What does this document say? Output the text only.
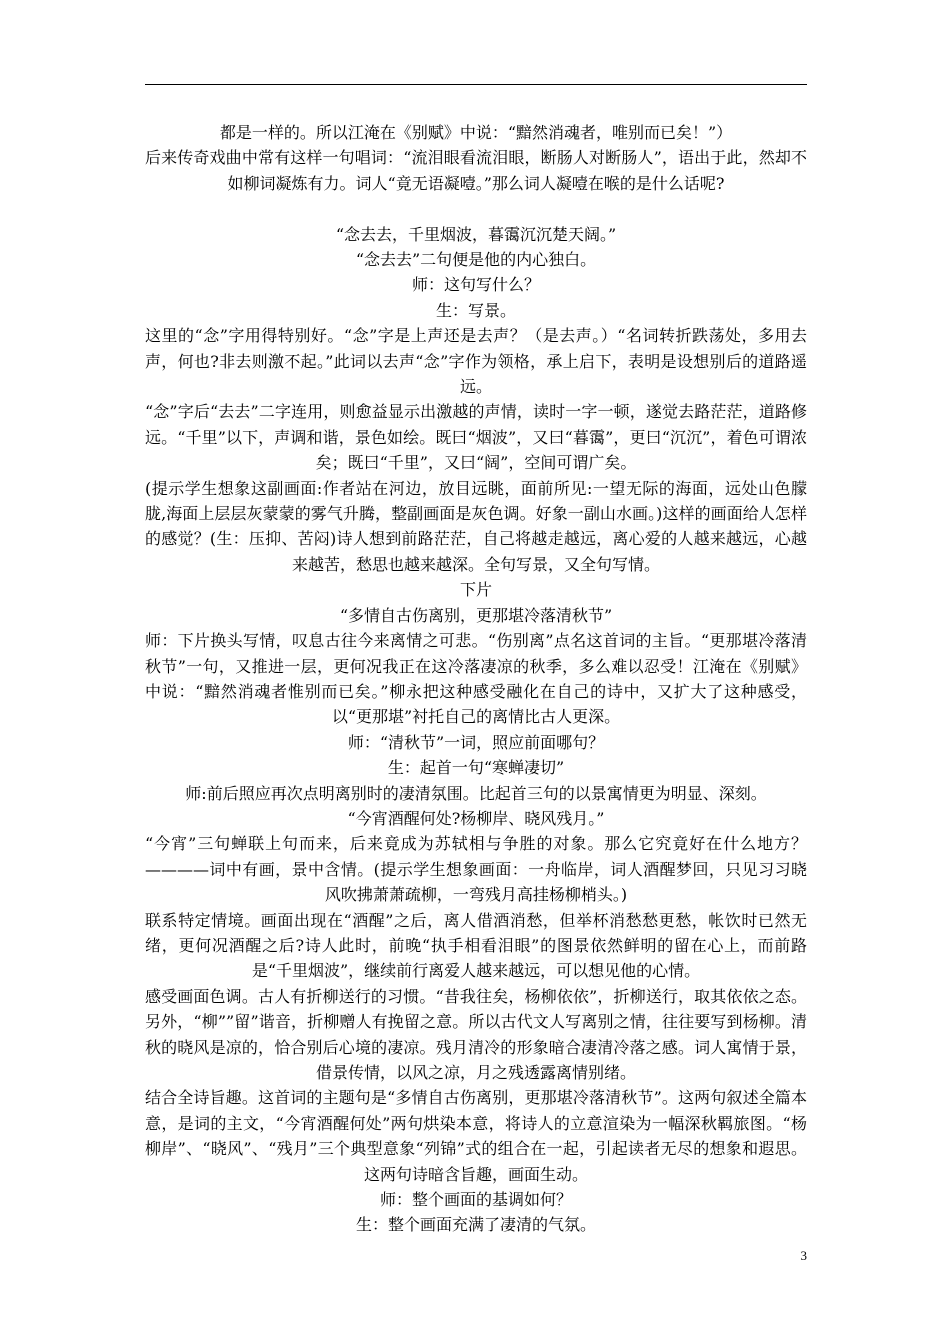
都是一样的。所以江淹在《别赋》中说：“黯然消魂者，唯别而已矣！”）

后来传奇戏曲中常有这样一句唱词：“流泪眼看流泪眼，断肠人对断肠人”，语出于此，然却不如柳词凝炼有力。词人“竟无语凝噎。”那么词人凝噎在喉的是什么话呢?

“念去去，千里烟波，暮霭沉沉楚天阔。”

“念去去”二句便是他的内心独白。

师：这句写什么？

生：写景。

这里的“念”字用得特别好。“念”字是上声还是去声？（是去声。）“名词转折跌荡处，多用去声，何也?非去则激不起。”此词以去声“念”字作为领格，承上启下，表明是设想别后的道路遥远。

“念”字后“去去”二字连用，则愈益显示出激越的声情，读时一字一顿，遂觉去路茫茫，道路修远。“千里”以下，声调和谐，景色如绘。既曰“烟波”，又曰“暮霭”，更曰“沉沉”，着色可谓浓矣；既曰“千里”，又曰“阔”，空间可谓广矣。

(提示学生想象这副画面:作者站在河边，放目远眺，面前所见:一望无际的海面，远处山色朦胧,海面上层层灰蒙蒙的雾气升腾，整副画面是灰色调。好象一副山水画。)这样的画面给人怎样的感觉？(生：压抑、苦闷)诗人想到前路茫茫，自己将越走越远，离心爱的人越来越远，心越来越苦，愁思也越来越深。全句写景，又全句写情。

下片

“多情自古伤离别，更那堪冷落清秋节”

师：下片换头写情，叹息古往今来离情之可悲。“伤别离”点名这首词的主旨。“更那堪冷落清秋节”一句，又推进一层，更何况我正在这冷落凄凉的秋季，多么难以忍受！江淹在《别赋》中说：“黯然消魂者惟别而已矣。”柳永把这种感受融化在自己的诗中，又扩大了这种感受，以“更那堪”衬托自己的离情比古人更深。

师：“清秋节”一词，照应前面哪句？

生：起首一句“寒蝉凄切”

师:前后照应再次点明离别时的凄清氛围。比起首三句的以景寓情更为明显、深刻。

“今宵酒醒何处?杨柳岸、晓风残月。”

“今宵”三句蝉联上句而来，后来竟成为苏轼相与争胜的对象。那么它究竟好在什么地方？————词中有画，景中含情。(提示学生想象画面：一舟临岸，词人酒醒梦回，只见习习晓风吹拂萧萧疏柳，一弯残月高挂杨柳梢头。)

联系特定情境。画面出现在“酒醒”之后，离人借酒消愁，但举杯消愁愁更愁，帐饮时已然无绪，更何况酒醒之后?诗人此时，前晚“执手相看泪眼”的图景依然鲜明的留在心上，而前路是“千里烟波”，继续前行离爱人越来越远，可以想见他的心情。

感受画面色调。古人有折柳送行的习惯。“昔我往矣，杨柳依依”，折柳送行，取其依依之态。另外，“柳””留”谐音，折柳赠人有挽留之意。所以古代文人写离别之情，往往要写到杨柳。清秋的晓风是凉的，恰合别后心境的凄凉。残月清冷的形象暗合凄清冷落之感。词人寓情于景，借景传情，以风之凉，月之残透露离情别绪。

结合全诗旨趣。这首词的主题句是“多情自古伤离别，更那堪冷落清秋节”。这两句叙述全篇本意，是词的主文，“今宵酒醒何处”两句烘染本意，将诗人的立意渲染为一幅深秋羁旅图。“杨柳岸”、“晓风”、“残月”三个典型意象“列锦”式的组合在一起，引起读者无尽的想象和遐思。这两句诗暗含旨趣，画面生动。

师：整个画面的基调如何？

生：整个画面充满了凄清的气氛。

3
